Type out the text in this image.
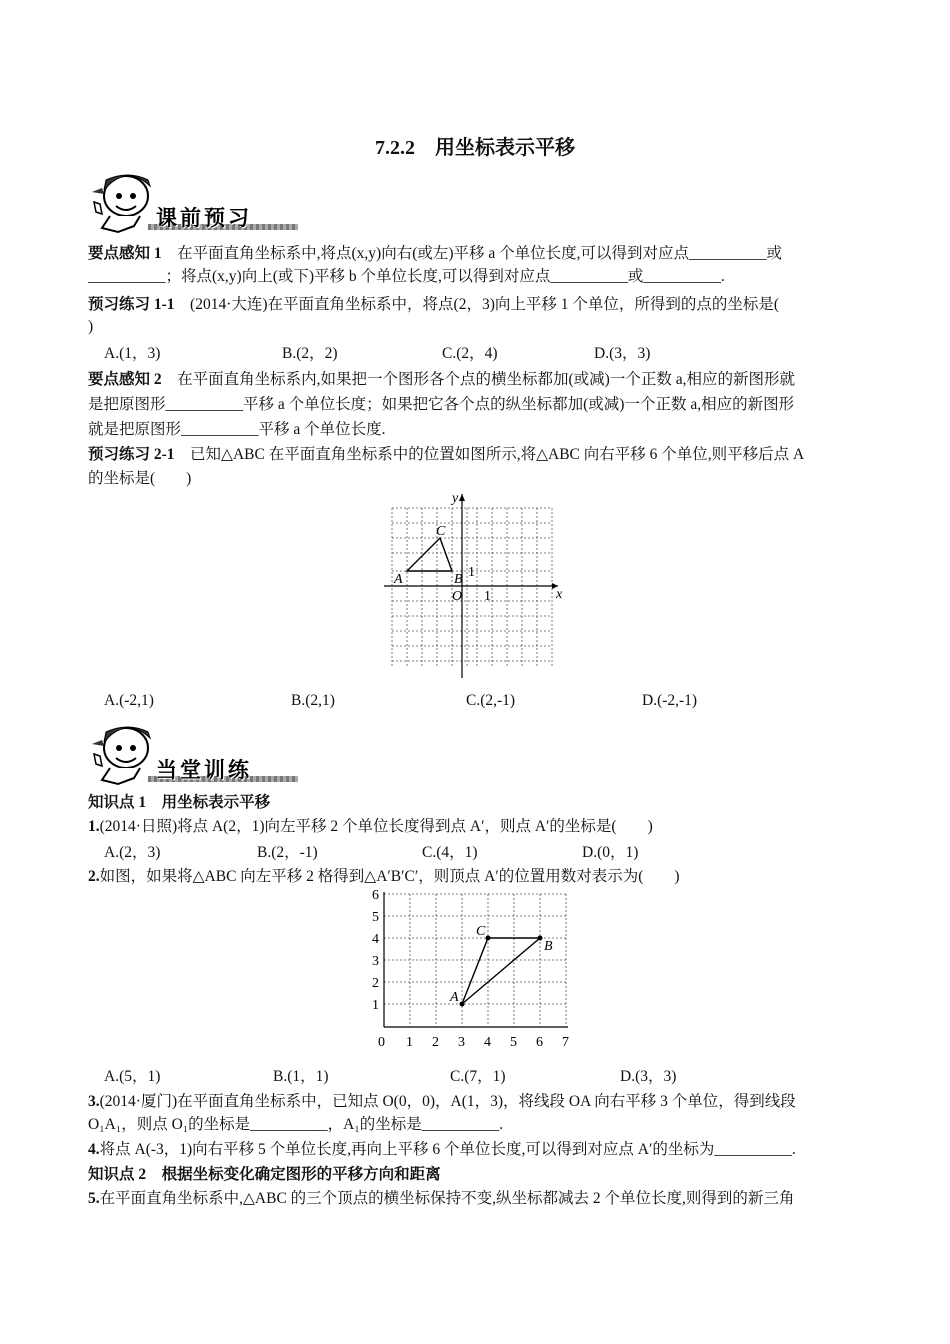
7.2.2　用坐标表示平移
课前预习
要点感知 1　在平面直角坐标系中,将点(x,y)向右(或左)平移 a 个单位长度,可以得到对应点__________或
__________；将点(x,y)向上(或下)平移 b 个单位长度,可以得到对应点__________或__________.
预习练习 1-1　(2014·大连)在平面直角坐标系中，将点(2，3)向上平移 1 个单位，所得到的点的坐标是(
)
A.(1，3)	B.(2，2)	C.(2，4)	D.(3，3)
要点感知 2　在平面直角坐标系内,如果把一个图形各个点的横坐标都加(或减)一个正数 a,相应的新图形就
是把原图形__________平移 a 个单位长度；如果把它各个点的纵坐标都加(或减)一个正数 a,相应的新图形
就是把原图形__________平移 a 个单位长度.
预习练习 2-1　已知△ABC 在平面直角坐标系中的位置如图所示,将△ABC 向右平移 6 个单位,则平移后点 A
的坐标是(　　)
x
y
O 1
1
A	B
C
A.(-2,1)	B.(2,1)	C.(2,-1)	D.(-2,-1)
当堂训练
知识点 1　用坐标表示平移
1.(2014·日照)将点 A(2，1)向左平移 2 个单位长度得到点 A′，则点 A′的坐标是(　　)
A.(2，3)	B.(2，-1)	C.(4，1)	D.(0，1)
2.如图，如果将△ABC 向左平移 2 格得到△A′B′C′，则顶点 A′的位置用数对表示为(　　)
A
C
B
0 1 2 3 4 5 6 7
1
2
3
4
5
6
A.(5，1)	B.(1，1)	C.(7，1)	D.(3，3)
3.(2014·厦门)在平面直角坐标系中，已知点 O(0，0)，A(1，3)，将线段 OA 向右平移 3 个单位，得到线段
O₁A₁，则点 O₁的坐标是__________，A₁的坐标是__________.
4.将点 A(-3，1)向右平移 5 个单位长度,再向上平移 6 个单位长度,可以得到对应点 A′的坐标为__________.
知识点 2　根据坐标变化确定图形的平移方向和距离
5.在平面直角坐标系中,△ABC 的三个顶点的横坐标保持不变,纵坐标都减去 2 个单位长度,则得到的新三角
